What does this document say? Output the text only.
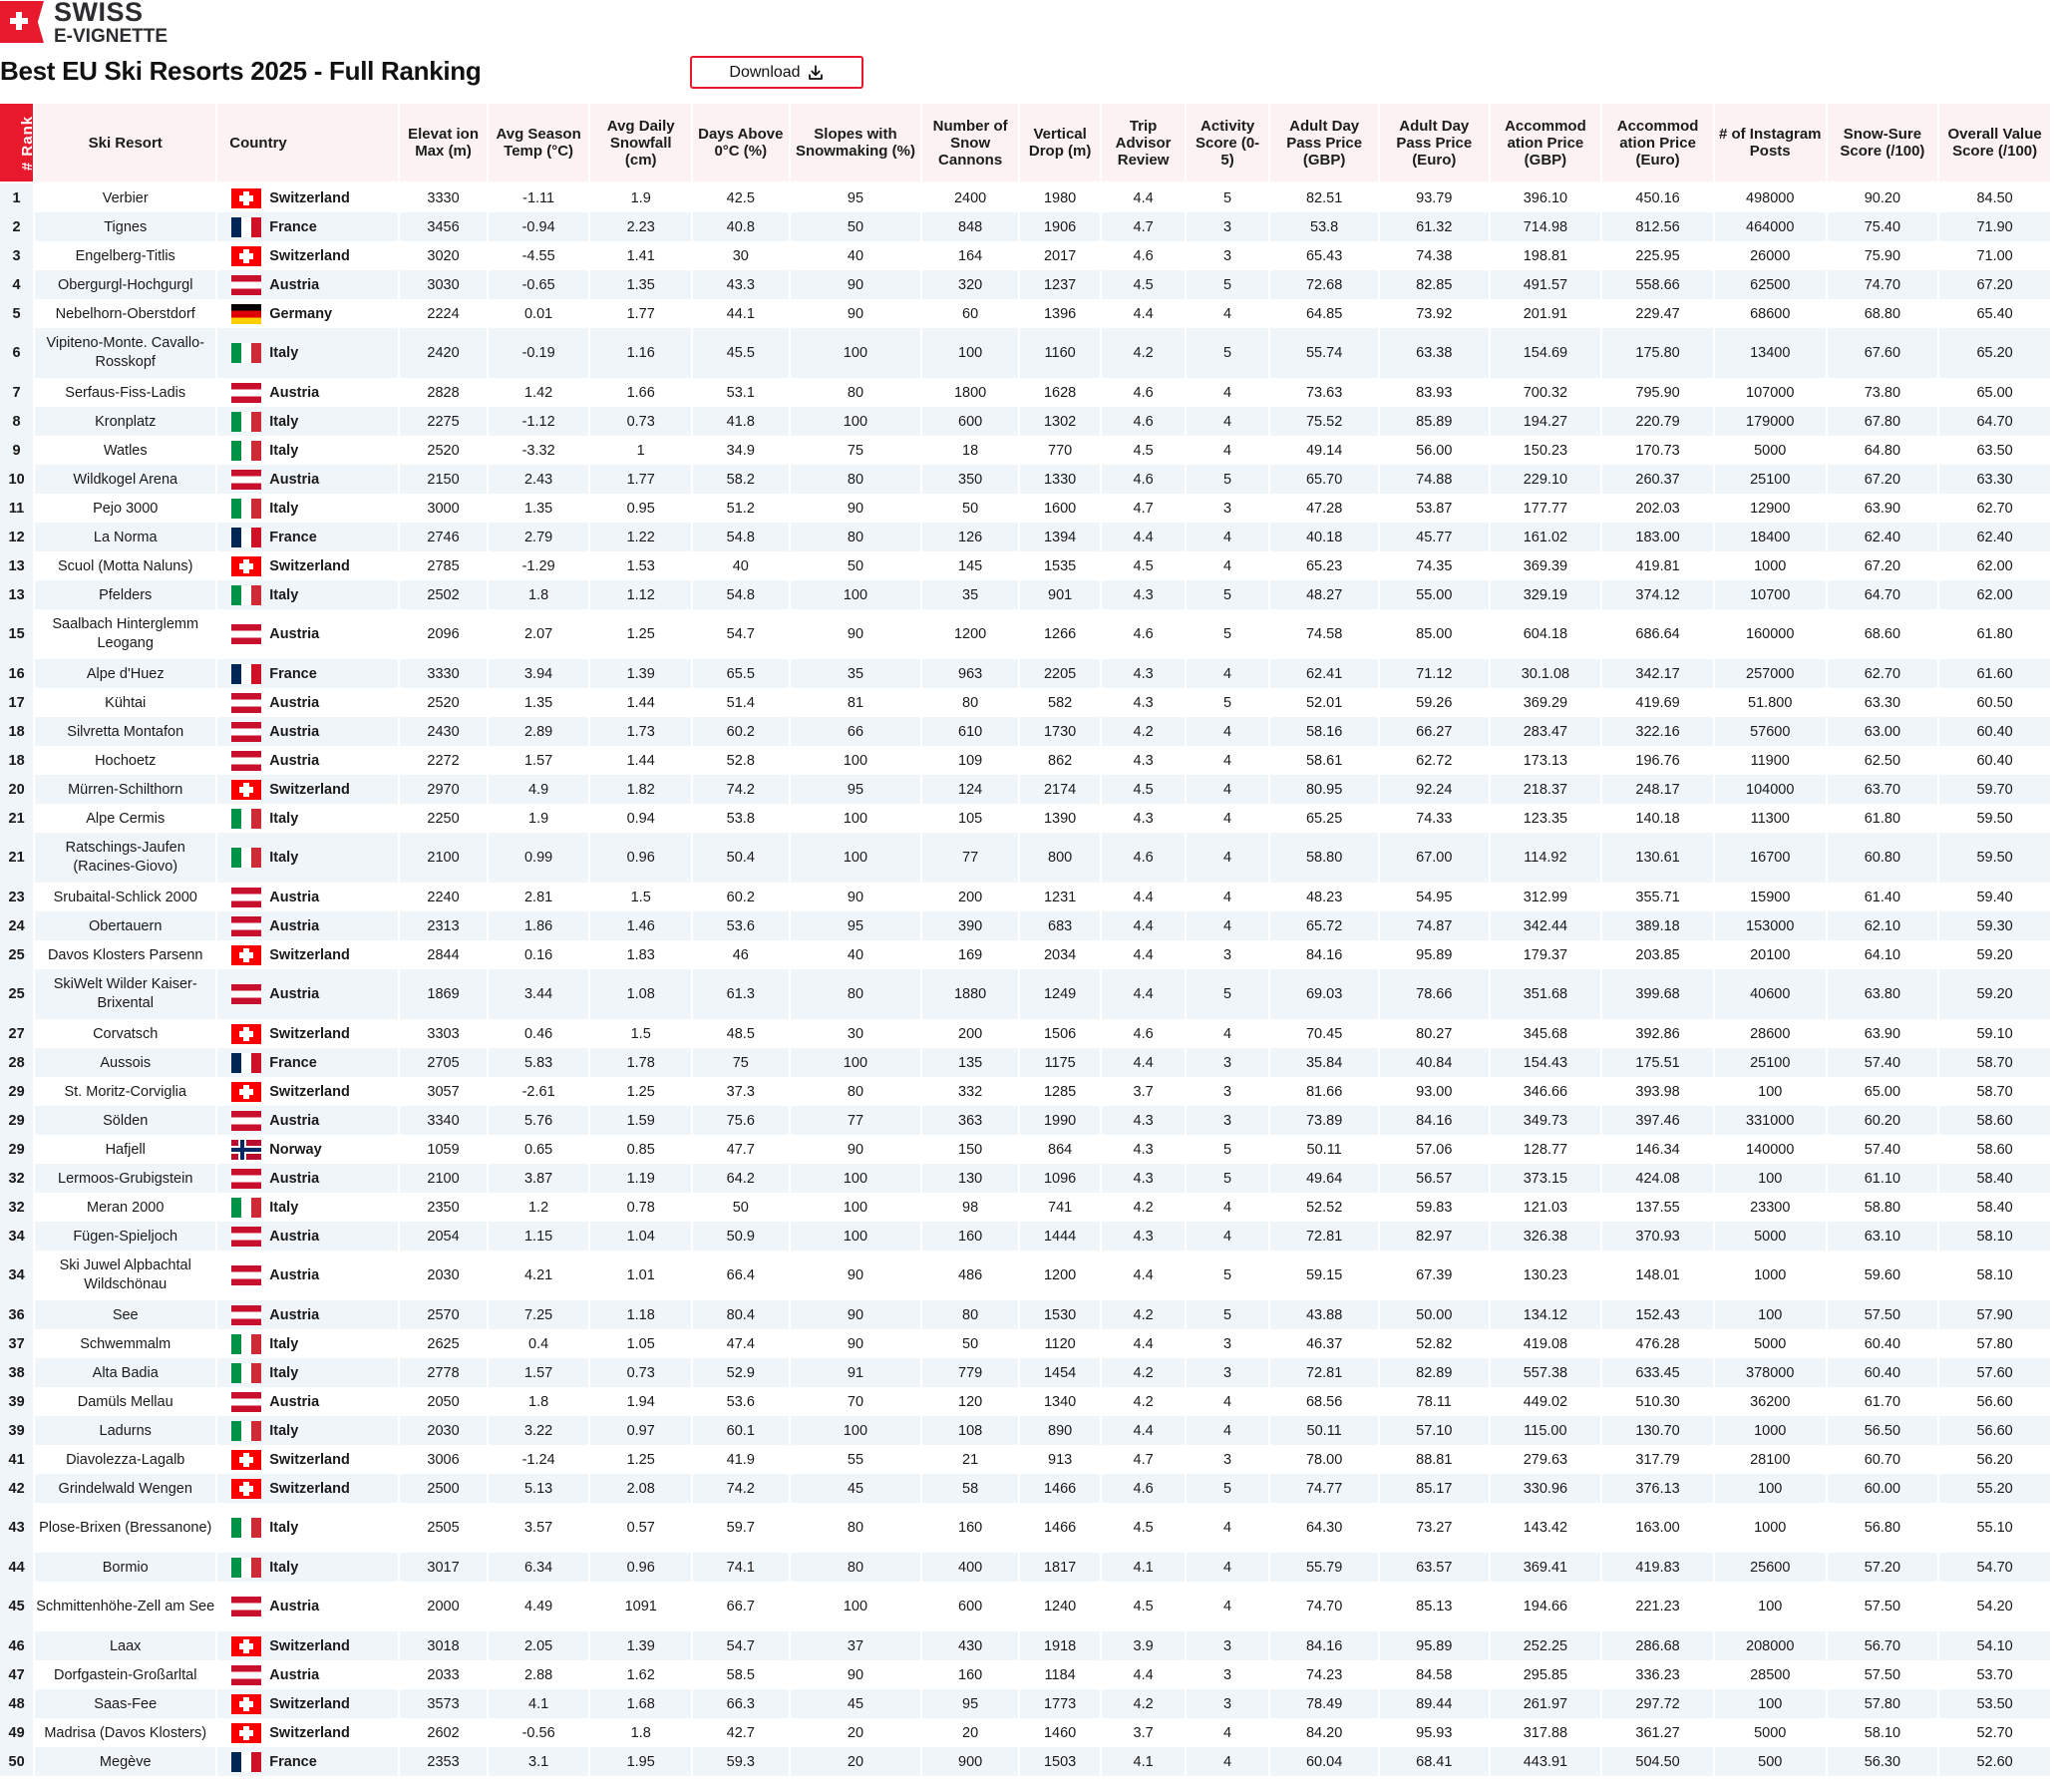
SWISS
E-VIGNETTE
Best EU Ski Resorts 2025 - Full Ranking	Download
# Rank	Ski Resort	Country	Elevat ion Max (m)	Avg Season Temp (°C)	Avg Daily Snowfall (cm)	Days Above 0°C (%)	Slopes with Snowmaking (%)	Number of Snow Cannons	Vertical Drop (m)	Trip Advisor Review	Activity Score (0-5)	Adult Day Pass Price (GBP)	Adult Day Pass Price (Euro)	Accommod ation Price (GBP)	Accommod ation Price (Euro)	# of Instagram Posts	Snow-Sure Score (/100)	Overall Value Score (/100)
1	Verbier	Switzerland	3330	-1.11	1.9	42.5	95	2400	1980	4.4	5	82.51	93.79	396.10	450.16	498000	90.20	84.50
2	Tignes	France	3456	-0.94	2.23	40.8	50	848	1906	4.7	3	53.8	61.32	714.98	812.56	464000	75.40	71.90
3	Engelberg-Titlis	Switzerland	3020	-4.55	1.41	30	40	164	2017	4.6	3	65.43	74.38	198.81	225.95	26000	75.90	71.00
4	Obergurgl-Hochgurgl	Austria	3030	-0.65	1.35	43.3	90	320	1237	4.5	5	72.68	82.85	491.57	558.66	62500	74.70	67.20
5	Nebelhorn-Oberstdorf	Germany	2224	0.01	1.77	44.1	90	60	1396	4.4	4	64.85	73.92	201.91	229.47	68600	68.80	65.40
6	Vipiteno-Monte. Cavallo- Rosskopf	Italy	2420	-0.19	1.16	45.5	100	100	1160	4.2	5	55.74	63.38	154.69	175.80	13400	67.60	65.20
7	Serfaus-Fiss-Ladis	Austria	2828	1.42	1.66	53.1	80	1800	1628	4.6	4	73.63	83.93	700.32	795.90	107000	73.80	65.00
8	Kronplatz	Italy	2275	-1.12	0.73	41.8	100	600	1302	4.6	4	75.52	85.89	194.27	220.79	179000	67.80	64.70
9	Watles	Italy	2520	-3.32	1	34.9	75	18	770	4.5	4	49.14	56.00	150.23	170.73	5000	64.80	63.50
10	Wildkogel Arena	Austria	2150	2.43	1.77	58.2	80	350	1330	4.6	5	65.70	74.88	229.10	260.37	25100	67.20	63.30
11	Pejo 3000	Italy	3000	1.35	0.95	51.2	90	50	1600	4.7	3	47.28	53.87	177.77	202.03	12900	63.90	62.70
12	La Norma	France	2746	2.79	1.22	54.8	80	126	1394	4.4	4	40.18	45.77	161.02	183.00	18400	62.40	62.40
13	Scuol (Motta Naluns)	Switzerland	2785	-1.29	1.53	40	50	145	1535	4.5	4	65.23	74.35	369.39	419.81	1000	67.20	62.00
13	Pfelders	Italy	2502	1.8	1.12	54.8	100	35	901	4.3	5	48.27	55.00	329.19	374.12	10700	64.70	62.00
15	Saalbach Hinterglemm Leogang	Austria	2096	2.07	1.25	54.7	90	1200	1266	4.6	5	74.58	85.00	604.18	686.64	160000	68.60	61.80
16	Alpe d'Huez	France	3330	3.94	1.39	65.5	35	963	2205	4.3	4	62.41	71.12	30.1.08	342.17	257000	62.70	61.60
17	Kühtai	Austria	2520	1.35	1.44	51.4	81	80	582	4.3	5	52.01	59.26	369.29	419.69	51.800	63.30	60.50
18	Silvretta Montafon	Austria	2430	2.89	1.73	60.2	66	610	1730	4.2	4	58.16	66.27	283.47	322.16	57600	63.00	60.40
18	Hochoetz	Austria	2272	1.57	1.44	52.8	100	109	862	4.3	4	58.61	62.72	173.13	196.76	11900	62.50	60.40
20	Mürren-Schilthorn	Switzerland	2970	4.9	1.82	74.2	95	124	2174	4.5	4	80.95	92.24	218.37	248.17	104000	63.70	59.70
21	Alpe Cermis	Italy	2250	1.9	0.94	53.8	100	105	1390	4.3	4	65.25	74.33	123.35	140.18	11300	61.80	59.50
21	Ratschings-Jaufen (Racines-Giovo)	Italy	2100	0.99	0.96	50.4	100	77	800	4.6	4	58.80	67.00	114.92	130.61	16700	60.80	59.50
23	Srubaital-Schlick 2000	Austria	2240	2.81	1.5	60.2	90	200	1231	4.4	4	48.23	54.95	312.99	355.71	15900	61.40	59.40
24	Obertauern	Austria	2313	1.86	1.46	53.6	95	390	683	4.4	4	65.72	74.87	342.44	389.18	153000	62.10	59.30
25	Davos Klosters Parsenn	Switzerland	2844	0.16	1.83	46	40	169	2034	4.4	3	84.16	95.89	179.37	203.85	20100	64.10	59.20
25	SkiWelt Wilder Kaiser-Brixental	Austria	1869	3.44	1.08	61.3	80	1880	1249	4.4	5	69.03	78.66	351.68	399.68	40600	63.80	59.20
27	Corvatsch	Switzerland	3303	0.46	1.5	48.5	30	200	1506	4.6	4	70.45	80.27	345.68	392.86	28600	63.90	59.10
28	Aussois	France	2705	5.83	1.78	75	100	135	1175	4.4	3	35.84	40.84	154.43	175.51	25100	57.40	58.70
29	St. Moritz-Corviglia	Switzerland	3057	-2.61	1.25	37.3	80	332	1285	3.7	3	81.66	93.00	346.66	393.98	100	65.00	58.70
29	Sölden	Austria	3340	5.76	1.59	75.6	77	363	1990	4.3	3	73.89	84.16	349.73	397.46	331000	60.20	58.60
29	Hafjell	Norway	1059	0.65	0.85	47.7	90	150	864	4.3	5	50.11	57.06	128.77	146.34	140000	57.40	58.60
32	Lermoos-Grubigstein	Austria	2100	3.87	1.19	64.2	100	130	1096	4.3	5	49.64	56.57	373.15	424.08	100	61.10	58.40
32	Meran 2000	Italy	2350	1.2	0.78	50	100	98	741	4.2	4	52.52	59.83	121.03	137.55	23300	58.80	58.40
34	Fügen-Spieljoch	Austria	2054	1.15	1.04	50.9	100	160	1444	4.3	4	72.81	82.97	326.38	370.93	5000	63.10	58.10
34	Ski Juwel Alpbachtal Wildschönau	Austria	2030	4.21	1.01	66.4	90	486	1200	4.4	5	59.15	67.39	130.23	148.01	1000	59.60	58.10
36	See	Austria	2570	7.25	1.18	80.4	90	80	1530	4.2	5	43.88	50.00	134.12	152.43	100	57.50	57.90
37	Schwemmalm	Italy	2625	0.4	1.05	47.4	90	50	1120	4.4	3	46.37	52.82	419.08	476.28	5000	60.40	57.80
38	Alta Badia	Italy	2778	1.57	0.73	52.9	91	779	1454	4.2	3	72.81	82.89	557.38	633.45	378000	60.40	57.60
39	Damüls Mellau	Austria	2050	1.8	1.94	53.6	70	120	1340	4.2	4	68.56	78.11	449.02	510.30	36200	61.70	56.60
39	Ladurns	Italy	2030	3.22	0.97	60.1	100	108	890	4.4	4	50.11	57.10	115.00	130.70	1000	56.50	56.60
41	Diavolezza-Lagalb	Switzerland	3006	-1.24	1.25	41.9	55	21	913	4.7	3	78.00	88.81	279.63	317.79	28100	60.70	56.20
42	Grindelwald Wengen	Switzerland	2500	5.13	2.08	74.2	45	58	1466	4.6	5	74.77	85.17	330.96	376.13	100	60.00	55.20
43	Plose-Brixen (Bressanone)	Italy	2505	3.57	0.57	59.7	80	160	1466	4.5	4	64.30	73.27	143.42	163.00	1000	56.80	55.10
44	Bormio	Italy	3017	6.34	0.96	74.1	80	400	1817	4.1	4	55.79	63.57	369.41	419.83	25600	57.20	54.70
45	Schmittenhöhe-Zell am See	Austria	2000	4.49	1091	66.7	100	600	1240	4.5	4	74.70	85.13	194.66	221.23	100	57.50	54.20
46	Laax	Switzerland	3018	2.05	1.39	54.7	37	430	1918	3.9	3	84.16	95.89	252.25	286.68	208000	56.70	54.10
47	Dorfgastein-Großarltal	Austria	2033	2.88	1.62	58.5	90	160	1184	4.4	3	74.23	84.58	295.85	336.23	28500	57.50	53.70
48	Saas-Fee	Switzerland	3573	4.1	1.68	66.3	45	95	1773	4.2	3	78.49	89.44	261.97	297.72	100	57.80	53.50
49	Madrisa (Davos Klosters)	Switzerland	2602	-0.56	1.8	42.7	20	20	1460	3.7	4	84.20	95.93	317.88	361.27	5000	58.10	52.70
50	Megève	France	2353	3.1	1.95	59.3	20	900	1503	4.1	4	60.04	68.41	443.91	504.50	500	56.30	52.60
